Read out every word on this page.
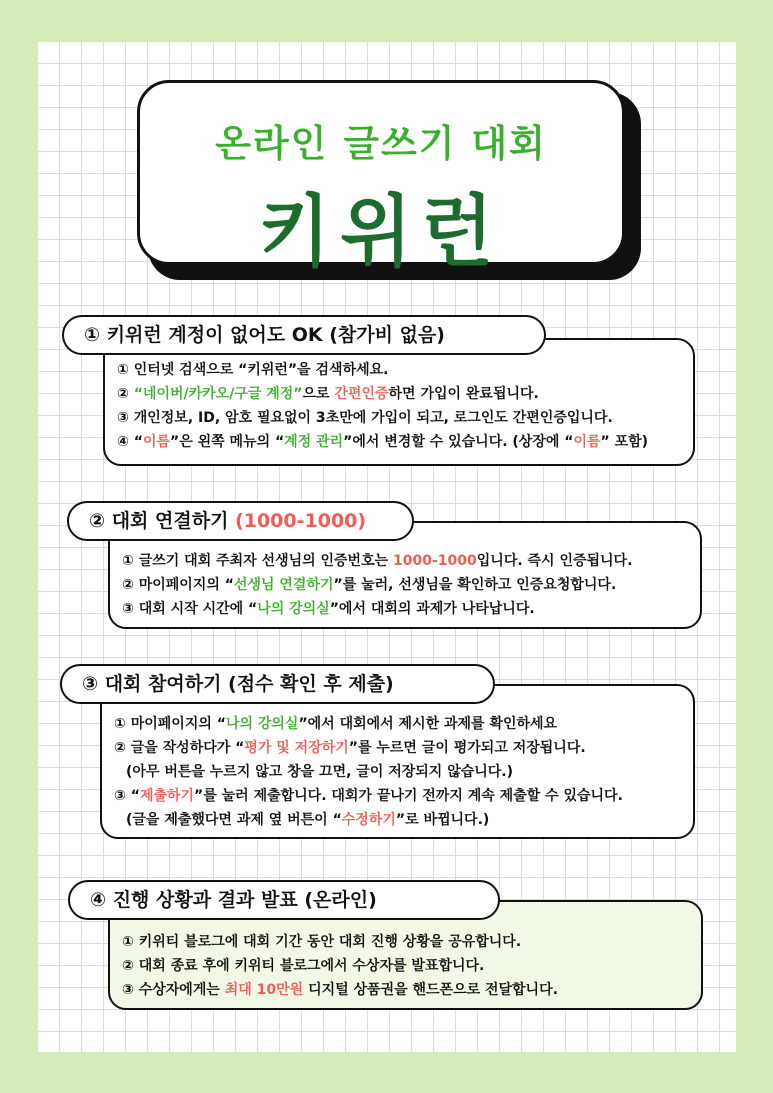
온라인 글쓰기 대회
키위런
① 인터넷 검색으로 “키위런”을 검색하세요.
② “네이버/카카오/구글 계정”으로 간편인증하면 가입이 완료됩니다.
③ 개인정보, ID, 암호 필요없이 3초만에 가입이 되고, 로그인도 간편인증입니다.
④ “이름”은 왼쪽 메뉴의 “계정 관리”에서 변경할 수 있습니다. (상장에 “이름” 포함)
① 키위런 계정이 없어도 OK (참가비 없음)
① 글쓰기 대회 주최자 선생님의 인증번호는 1000-1000입니다. 즉시 인증됩니다.
② 마이페이지의 “선생님 연결하기”를 눌러, 선생님을 확인하고 인증요청합니다.
③ 대회 시작 시간에 “나의 강의실”에서 대회의 과제가 나타납니다.
② 대회 연결하기 (1000-1000)
① 마이페이지의 “나의 강의실”에서 대회에서 제시한 과제를 확인하세요
② 글을 작성하다가 “평가 및 저장하기”를 누르면 글이 평가되고 저장됩니다.
(아무 버튼을 누르지 않고 창을 끄면, 글이 저장되지 않습니다.)
③ “제출하기”를 눌러 제출합니다. 대회가 끝나기 전까지 계속 제출할 수 있습니다.
(글을 제출했다면 과제 옆 버튼이 “수정하기”로 바뀝니다.)
③ 대회 참여하기 (점수 확인 후 제출)
① 키위티 블로그에 대회 기간 동안 대회 진행 상황을 공유합니다.
② 대회 종료 후에 키위티 블로그에서 수상자를 발표합니다.
③ 수상자에게는 최대 10만원 디지털 상품권을 핸드폰으로 전달합니다.
④ 진행 상황과 결과 발표 (온라인)
